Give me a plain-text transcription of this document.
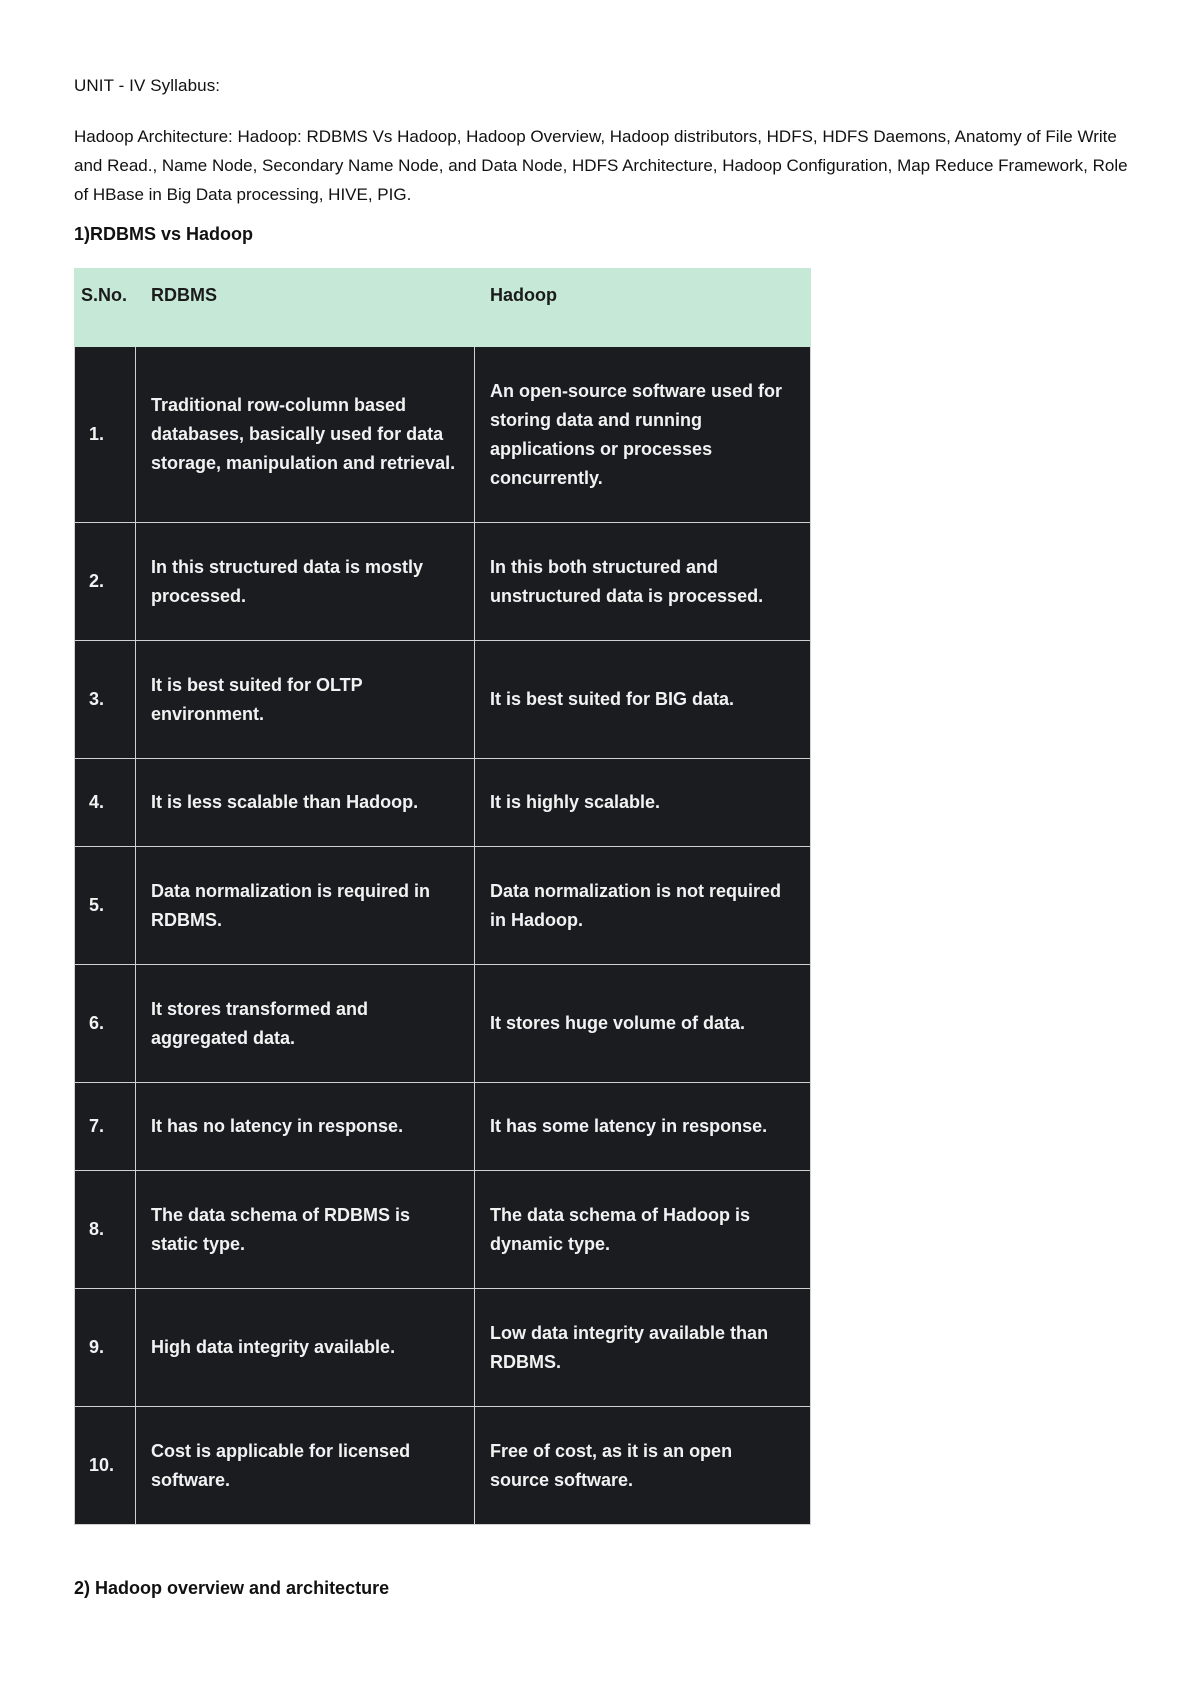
UNIT - IV Syllabus:
Hadoop Architecture: Hadoop: RDBMS Vs Hadoop, Hadoop Overview, Hadoop distributors, HDFS, HDFS Daemons, Anatomy of File Write and Read., Name Node, Secondary Name Node, and Data Node, HDFS Architecture, Hadoop Configuration, Map Reduce Framework, Role of HBase in Big Data processing, HIVE, PIG.
1)RDBMS vs Hadoop
S.No.	RDBMS	Hadoop
1.	Traditional row-column based databases, basically used for data storage, manipulation and retrieval.	An open-source software used for storing data and running applications or processes concurrently.
2.	In this structured data is mostly processed.	In this both structured and unstructured data is processed.
3.	It is best suited for OLTP environment.	It is best suited for BIG data.
4.	It is less scalable than Hadoop.	It is highly scalable.
5.	Data normalization is required in RDBMS.	Data normalization is not required in Hadoop.
6.	It stores transformed and aggregated data.	It stores huge volume of data.
7.	It has no latency in response.	It has some latency in response.
8.	The data schema of RDBMS is static type.	The data schema of Hadoop is dynamic type.
9.	High data integrity available.	Low data integrity available than RDBMS.
10.	Cost is applicable for licensed software.	Free of cost, as it is an open source software.
2) Hadoop overview and architecture
